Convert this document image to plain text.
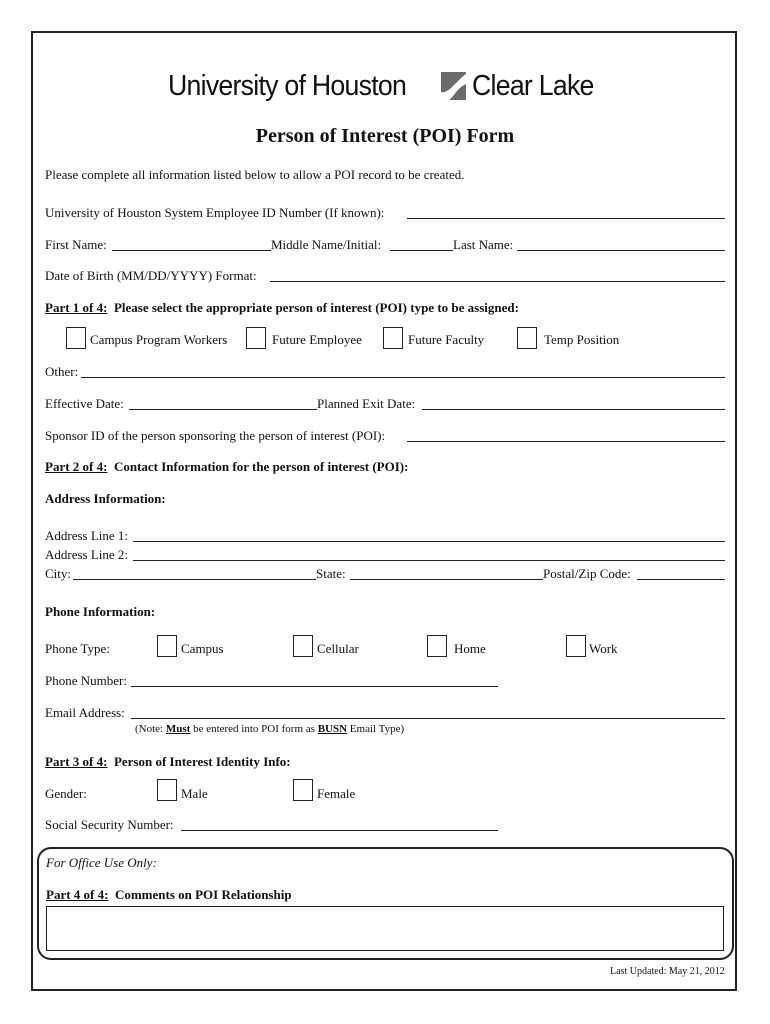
University of Houston Clear Lake
Person of Interest (POI) Form
Please complete all information listed below to allow a POI record to be created.
University of Houston System Employee ID Number (If known):
First Name:	Middle Name/Initial:	Last Name:
Date of Birth (MM/DD/YYYY) Format:
Part 1 of 4: Please select the appropriate person of interest (POI) type to be assigned:
Campus Program Workers	Future Employee	Future Faculty	Temp Position
Other:
Effective Date:	Planned Exit Date:
Sponsor ID of the person sponsoring the person of interest (POI):
Part 2 of 4: Contact Information for the person of interest (POI):
Address Information:
Address Line 1:
Address Line 2:
City:	State:	Postal/Zip Code:
Phone Information:
Phone Type:	Campus	Cellular	Home	Work
Phone Number:
Email Address:
(Note: Must be entered into POI form as BUSN Email Type)
Part 3 of 4: Person of Interest Identity Info:
Gender:	Male	Female
Social Security Number:
For Office Use Only:
Part 4 of 4: Comments on POI Relationship
Last Updated: May 21, 2012
